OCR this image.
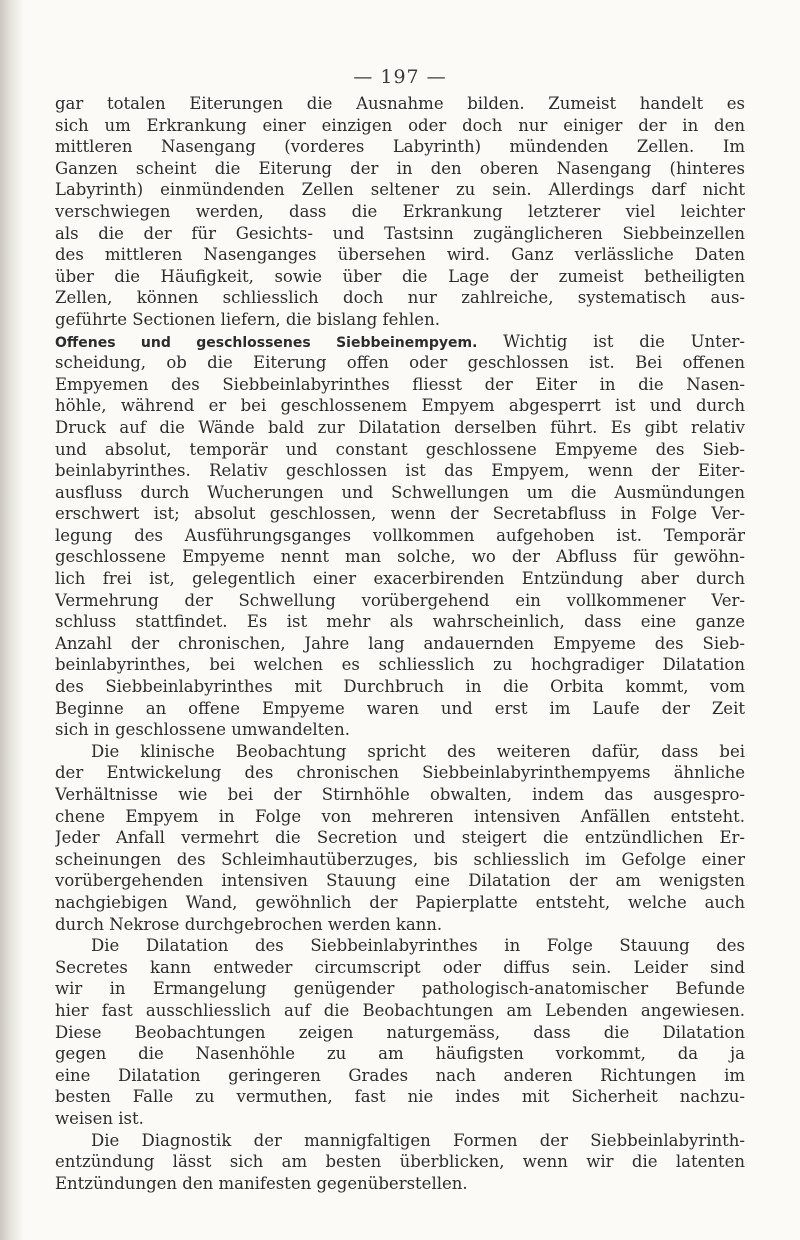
— 197 —
gar totalen Eiterungen die Ausnahme bilden. Zumeist handelt es
sich um Erkrankung einer einzigen oder doch nur einiger der in den
mittleren Nasengang (vorderes Labyrinth) mündenden Zellen. Im
Ganzen scheint die Eiterung der in den oberen Nasengang (hinteres
Labyrinth) einmündenden Zellen seltener zu sein. Allerdings darf nicht
verschwiegen werden, dass die Erkrankung letzterer viel leichter
als die der für Gesichts- und Tastsinn zugänglicheren Siebbeinzellen
des mittleren Nasenganges übersehen wird. Ganz verlässliche Daten
über die Häufigkeit, sowie über die Lage der zumeist betheiligten
Zellen, können schliesslich doch nur zahlreiche, systematisch aus-
geführte Sectionen liefern, die bislang fehlen.
Offenes und geschlossenes Siebbeinempyem. Wichtig ist die Unter-
scheidung, ob die Eiterung offen oder geschlossen ist. Bei offenen
Empyemen des Siebbeinlabyrinthes fliesst der Eiter in die Nasen-
höhle, während er bei geschlossenem Empyem abgesperrt ist und durch
Druck auf die Wände bald zur Dilatation derselben führt. Es gibt relativ
und absolut, temporär und constant geschlossene Empyeme des Sieb-
beinlabyrinthes. Relativ geschlossen ist das Empyem, wenn der Eiter-
ausfluss durch Wucherungen und Schwellungen um die Ausmündungen
erschwert ist; absolut geschlossen, wenn der Secretabfluss in Folge Ver-
legung des Ausführungsganges vollkommen aufgehoben ist. Temporär
geschlossene Empyeme nennt man solche, wo der Abfluss für gewöhn-
lich frei ist, gelegentlich einer exacerbirenden Entzündung aber durch
Vermehrung der Schwellung vorübergehend ein vollkommener Ver-
schluss stattfindet. Es ist mehr als wahrscheinlich, dass eine ganze
Anzahl der chronischen, Jahre lang andauernden Empyeme des Sieb-
beinlabyrinthes, bei welchen es schliesslich zu hochgradiger Dilatation
des Siebbeinlabyrinthes mit Durchbruch in die Orbita kommt, vom
Beginne an offene Empyeme waren und erst im Laufe der Zeit
sich in geschlossene umwandelten.
Die klinische Beobachtung spricht des weiteren dafür, dass bei
der Entwickelung des chronischen Siebbeinlabyrinthempyems ähnliche
Verhältnisse wie bei der Stirnhöhle obwalten, indem das ausgespro-
chene Empyem in Folge von mehreren intensiven Anfällen entsteht.
Jeder Anfall vermehrt die Secretion und steigert die entzündlichen Er-
scheinungen des Schleimhautüberzuges, bis schliesslich im Gefolge einer
vorübergehenden intensiven Stauung eine Dilatation der am wenigsten
nachgiebigen Wand, gewöhnlich der Papierplatte entsteht, welche auch
durch Nekrose durchgebrochen werden kann.
Die Dilatation des Siebbeinlabyrinthes in Folge Stauung des
Secretes kann entweder circumscript oder diffus sein. Leider sind
wir in Ermangelung genügender pathologisch-anatomischer Befunde
hier fast ausschliesslich auf die Beobachtungen am Lebenden angewiesen.
Diese Beobachtungen zeigen naturgemäss, dass die Dilatation
gegen die Nasenhöhle zu am häufigsten vorkommt, da ja
eine Dilatation geringeren Grades nach anderen Richtungen im
besten Falle zu vermuthen, fast nie indes mit Sicherheit nachzu-
weisen ist.
Die Diagnostik der mannigfaltigen Formen der Siebbeinlabyrinth-
entzündung lässt sich am besten überblicken, wenn wir die latenten
Entzündungen den manifesten gegenüberstellen.
